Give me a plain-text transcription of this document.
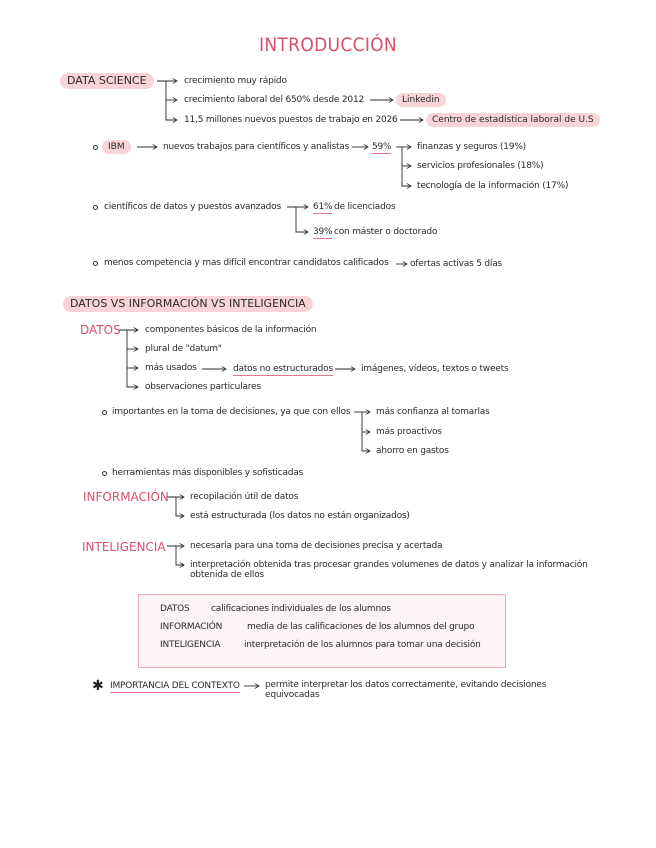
INTRODUCCIÓN
DATA SCIENCE	crecimiento muy rápido
crecimiento laboral del 650% desde 2012	Linkedin
11,5 millones nuevos puestos de trabajo en 2026	Centro de estadística laboral de U.S
IBM	nuevos trabajos para científicos y analistas	59%	finanzas y seguros (19%)
servicios profesionales (18%)
tecnología de la información (17%)
científicos de datos y puestos avanzados	61% de licenciados
39% con máster o doctorado
menos competencia y mas difícil encontrar candidatos calificados ofertas activas 5 días
DATOS VS INFORMACIÓN VS INTELIGENCIA
DATOS	componentes básicos de la información
plural de "datum"
más usados	datos no estructurados	imágenes, vídeos, textos o tweets
observaciones particulares
importantes en la toma de decisiones, ya que con ellos	más confianza al tomarlas
más proactivos
ahorro en gastos
herramientas más disponibles y sofisticadas
INFORMACIÓN recopilación útil de datos
está estructurada (los datos no están organizados)
INTELIGENCIA	necesaria para una toma de decisiones precisa y acertada
interpretación obtenida tras procesar grandes volumenes de datos y analizar la información
obtenida de ellos
DATOS calificaciones individuales de los alumnos
INFORMACIÓN	media de las calificaciones de los alumnos del grupo
INTELIGENCIA	interpretación de los alumnos para tomar una decisión
✱ IMPORTANCIA DEL CONTEXTO	permite interpretar los datos correctamente, evitando decisiones
equivocadas
